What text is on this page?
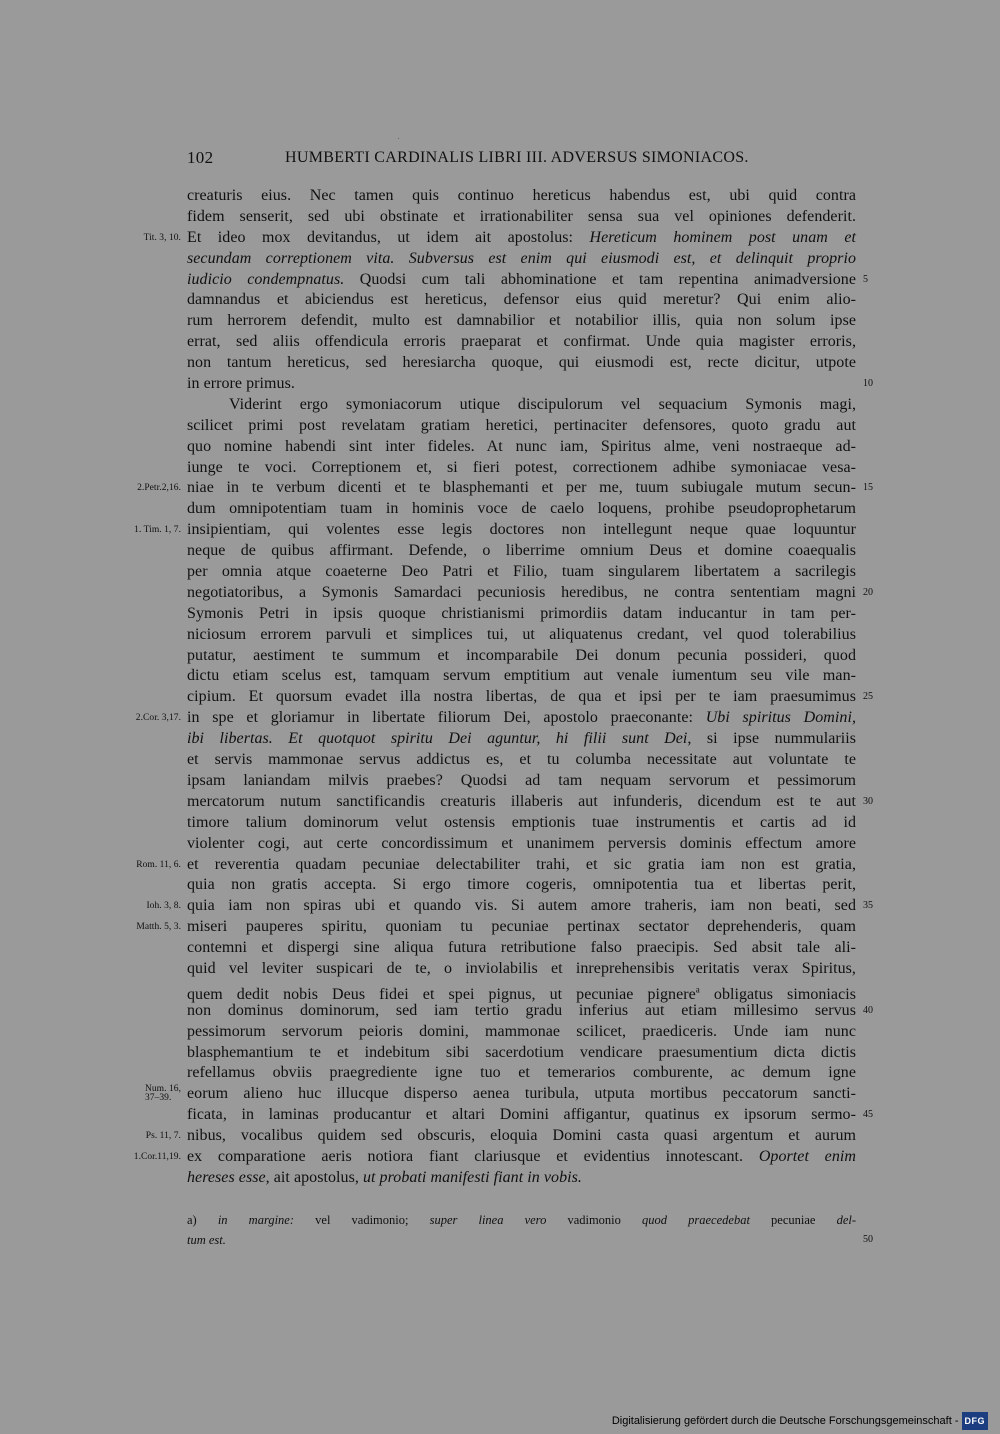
102	HUMBERTI CARDINALIS LIBRI III. ADVERSUS SIMONIACOS.
creaturis eius. Nec tamen quis continuo hereticus habendus est, ubi quid contra
fidem senserit, sed ubi obstinate et irrationabiliter sensa sua vel opiniones defenderit.
Et ideo mox devitandus, ut idem ait apostolus: Hereticum hominem post unam et
Tit. 3, 10.
secundam correptionem vita. Subversus est enim qui eiusmodi est, et delinquit proprio
iudicio condempnatus. Quodsi cum tali abhominatione et tam repentina animadversione 5
damnandus et abiciendus est hereticus, defensor eius quid meretur? Qui enim alio-
rum herrorem defendit, multo est damnabilior et notabilior illis, quia non solum ipse
errat, sed aliis offendicula erroris praeparat et confirmat. Unde quia magister erroris,
non tantum hereticus, sed heresiarcha quoque, qui eiusmodi est, recte dicitur, utpote
in errore primus.	10
Viderint ergo symoniacorum utique discipulorum vel sequacium Symonis magi,
scilicet primi post revelatam gratiam heretici, pertinaciter defensores, quoto gradu aut
quo nomine habendi sint inter fideles. At nunc iam, Spiritus alme, veni nostraeque ad-
iunge te voci. Correptionem et, si fieri potest, correctionem adhibe symoniacae vesa-
niae in te verbum dicenti et te blasphemanti et per me, tuum subiugale mutum secun-
2.Petr.2,16.	15
dum omnipotentiam tuam in hominis voce de caelo loquens, prohibe pseudoprophetarum
insipientiam, qui volentes esse legis doctores non intellegunt neque quae loquuntur
1. Tim. 1, 7.
neque de quibus affirmant. Defende, o liberrime omnium Deus et domine coaequalis
per omnia atque coaeterne Deo Patri et Filio, tuam singularem libertatem a sacrilegis
negotiatoribus, a Symonis Samardaci pecuniosis heredibus, ne contra sententiam magni 20
Symonis Petri in ipsis quoque christianismi primordiis datam inducantur in tam per-
niciosum errorem parvuli et simplices tui, ut aliquatenus credant, vel quod tolerabilius
putatur, aestiment te summum et incomparabile Dei donum pecunia possideri, quod
dictu etiam scelus est, tamquam servum emptitium aut venale iumentum seu vile man-
cipium. Et quorsum evadet illa nostra libertas, de qua et ipsi per te iam praesumimus 25
in spe et gloriamur in libertate filiorum Dei, apostolo praeconante: Ubi spiritus Domini,
2.Cor. 3,17.
ibi libertas. Et quotquot spiritu Dei aguntur, hi filii sunt Dei, si ipse nummulariis
et servis mammonae servus addictus es, et tu columba necessitate aut voluntate te
ipsam laniandam milvis praebes? Quodsi ad tam nequam servorum et pessimorum
mercatorum nutum sanctificandis creaturis illaberis aut infunderis, dicendum est te aut 30
timore talium dominorum velut ostensis emptionis tuae instrumentis et cartis ad id
violenter cogi, aut certe concordissimum et unanimem perversis dominis effectum amore
et reverentia quadam pecuniae delectabiliter trahi, et sic gratia iam non est gratia,
Rom. 11, 6.
quia non gratis accepta. Si ergo timore cogeris, omnipotentia tua et libertas perit,
quia iam non spiras ubi et quando vis. Si autem amore traheris, iam non beati, sed
Ioh. 3, 8.	35
miseri pauperes spiritu, quoniam tu pecuniae pertinax sectator deprehenderis, quam
Matth. 5, 3.
contemni et dispergi sine aliqua futura retributione falso praecipis. Sed absit tale ali-
quid vel leviter suspicari de te, o inviolabilis et inreprehensibis veritatis verax Spiritus,
quem dedit nobis Deus fidei et spei pignus, ut pecuniae pignere$^a$ obligatus simoniacis
non dominus dominorum, sed iam tertio gradu inferius aut etiam millesimo servus 40
pessimorum servorum peioris domini, mammonae scilicet, praediceris. Unde iam nunc
blasphemantium te et indebitum sibi sacerdotium vendicare praesumentium dicta dictis
refellamus obviis praegrediente igne tuo et temerarios comburente, ac demum igne
eorum alieno huc illucque disperso aenea turibula, utputa mortibus peccatorum sancti-
Num. 16,
37–39.
ficata, in laminas producantur et altari Domini affigantur, quatinus ex ipsorum sermo- 45
nibus, vocalibus quidem sed obscuris, eloquia Domini casta quasi argentum et aurum
Ps. 11, 7.
ex comparatione aeris notiora fiant clariusque et evidentius innotescant. Oportet enim
1.Cor.11,19.
hereses esse, ait apostolus, ut probati manifesti fiant in vobis.
a) in margine: vel vadimonio; super linea vero vadimonio quod praecedebat pecuniae del-
tum est.	50
Digitalisierung gefördert durch die Deutsche Forschungsgemeinschaft - DFG
